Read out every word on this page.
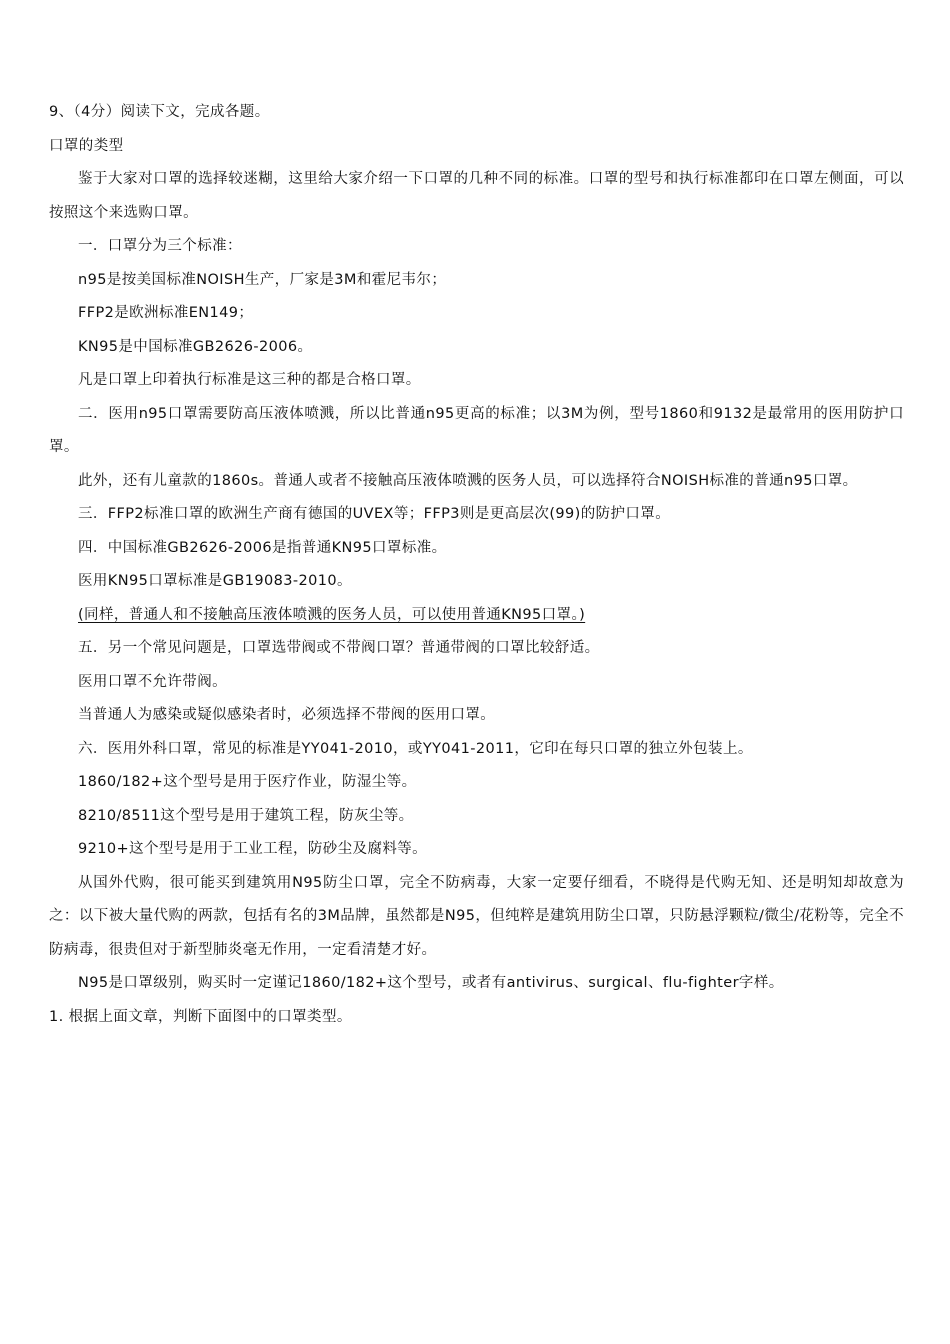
9、（4分）阅读下文，完成各题。

口罩的类型

鉴于大家对口罩的选择较迷糊，这里给大家介绍一下口罩的几种不同的标准。口罩的型号和执行标准都印在口罩左侧面，可以按照这个来选购口罩。

一．口罩分为三个标准：

n95是按美国标准NOISH生产，厂家是3M和霍尼韦尔；

FFP2是欧洲标准EN149；

KN95是中国标准GB2626-2006。

凡是口罩上印着执行标准是这三种的都是合格口罩。

二．医用n95口罩需要防高压液体喷溅，所以比普通n95更高的标准；以3M为例，型号1860和9132是最常用的医用防护口罩。

此外，还有儿童款的1860s。普通人或者不接触高压液体喷溅的医务人员，可以选择符合NOISH标准的普通n95口罩。

三．FFP2标准口罩的欧洲生产商有德国的UVEX等；FFP3则是更高层次(99)的防护口罩。

四．中国标准GB2626-2006是指普通KN95口罩标准。

医用KN95口罩标准是GB19083-2010。

(同样，普通人和不接触高压液体喷溅的医务人员，可以使用普通KN95口罩。)

五．另一个常见问题是，口罩选带阀或不带阀口罩？普通带阀的口罩比较舒适。

医用口罩不允许带阀。

当普通人为感染或疑似感染者时，必须选择不带阀的医用口罩。

六．医用外科口罩，常见的标准是YY041-2010，或YY041-2011，它印在每只口罩的独立外包装上。

1860/182+这个型号是用于医疗作业，防湿尘等。

8210/8511这个型号是用于建筑工程，防灰尘等。

9210+这个型号是用于工业工程，防砂尘及腐料等。

从国外代购，很可能买到建筑用N95防尘口罩，完全不防病毒，大家一定要仔细看，不晓得是代购无知、还是明知却故意为之：以下被大量代购的两款，包括有名的3M品牌，虽然都是N95，但纯粹是建筑用防尘口罩，只防悬浮颗粒/微尘/花粉等，完全不防病毒，很贵但对于新型肺炎毫无作用，一定看清楚才好。

N95是口罩级别，购买时一定谨记1860/182+这个型号，或者有antivirus、surgical、flu-fighter字样。

1. 根据上面文章，判断下面图中的口罩类型。
